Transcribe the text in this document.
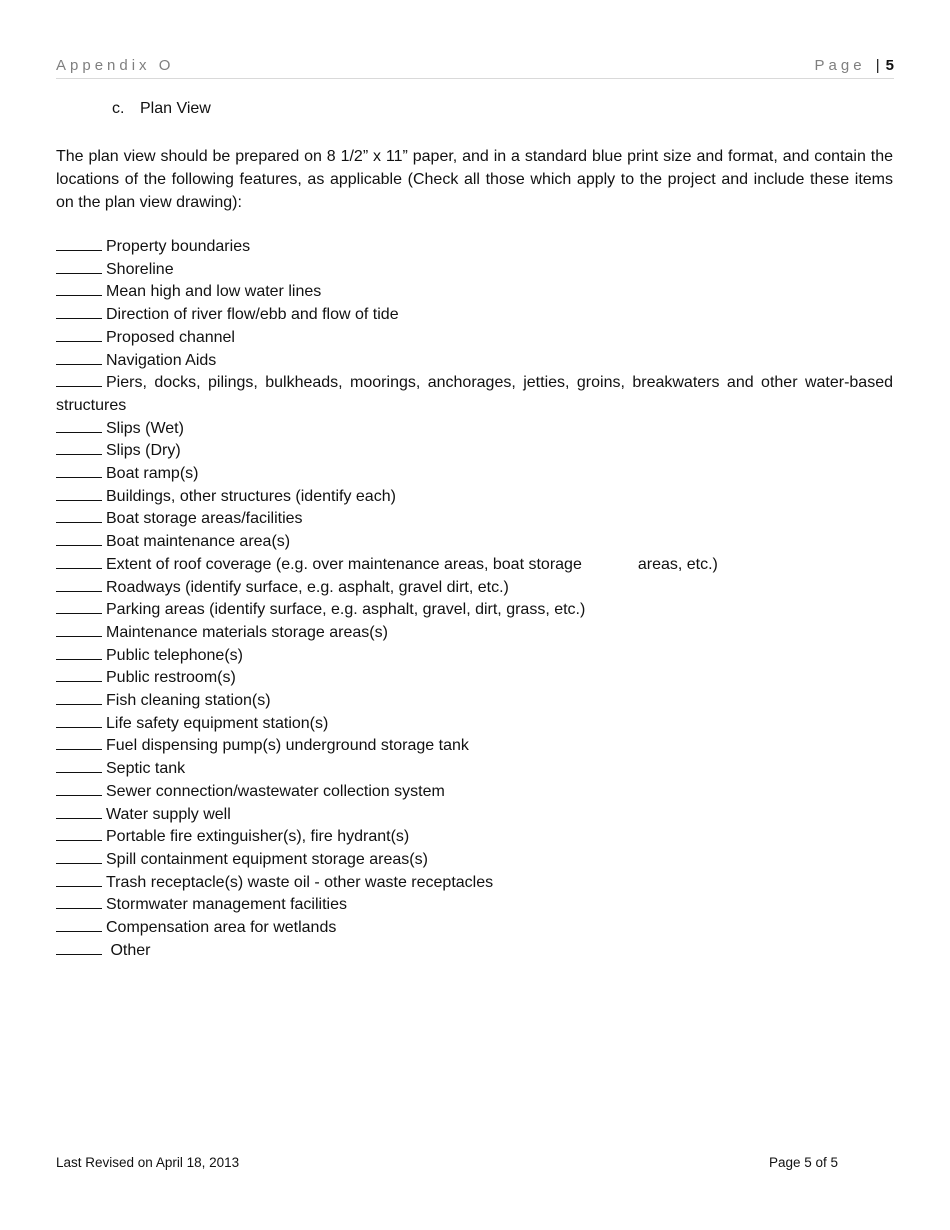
Appendix O	Page | 5
c. Plan View

The plan view should be prepared on 8 1/2” x 11” paper, and in a standard blue print size and format, and contain the locations of the following features, as applicable (Check all those which apply to the project and include these items on the plan view drawing):

Property boundaries
Shoreline
Mean high and low water lines
Direction of river flow/ebb and flow of tide
Proposed channel
Navigation Aids
Piers, docks, pilings, bulkheads, moorings, anchorages, jetties, groins, breakwaters and other water-based structures
Slips (Wet)
Slips (Dry)
Boat ramp(s)
Buildings, other structures (identify each)
Boat storage areas/facilities
Boat maintenance area(s)
Extent of roof coverage (e.g. over maintenance areas, boat storage	areas, etc.)
Roadways (identify surface, e.g. asphalt, gravel dirt, etc.)
Parking areas (identify surface, e.g. asphalt, gravel, dirt, grass, etc.)
Maintenance materials storage areas(s)
Public telephone(s)
Public restroom(s)
Fish cleaning station(s)
Life safety equipment station(s)
Fuel dispensing pump(s) underground storage tank
Septic tank
Sewer connection/wastewater collection system
Water supply well
Portable fire extinguisher(s), fire hydrant(s)
Spill containment equipment storage areas(s)
Trash receptacle(s) waste oil - other waste receptacles
Stormwater management facilities
Compensation area for wetlands
Other
Last Revised on April 18, 2013	Page 5 of 5
